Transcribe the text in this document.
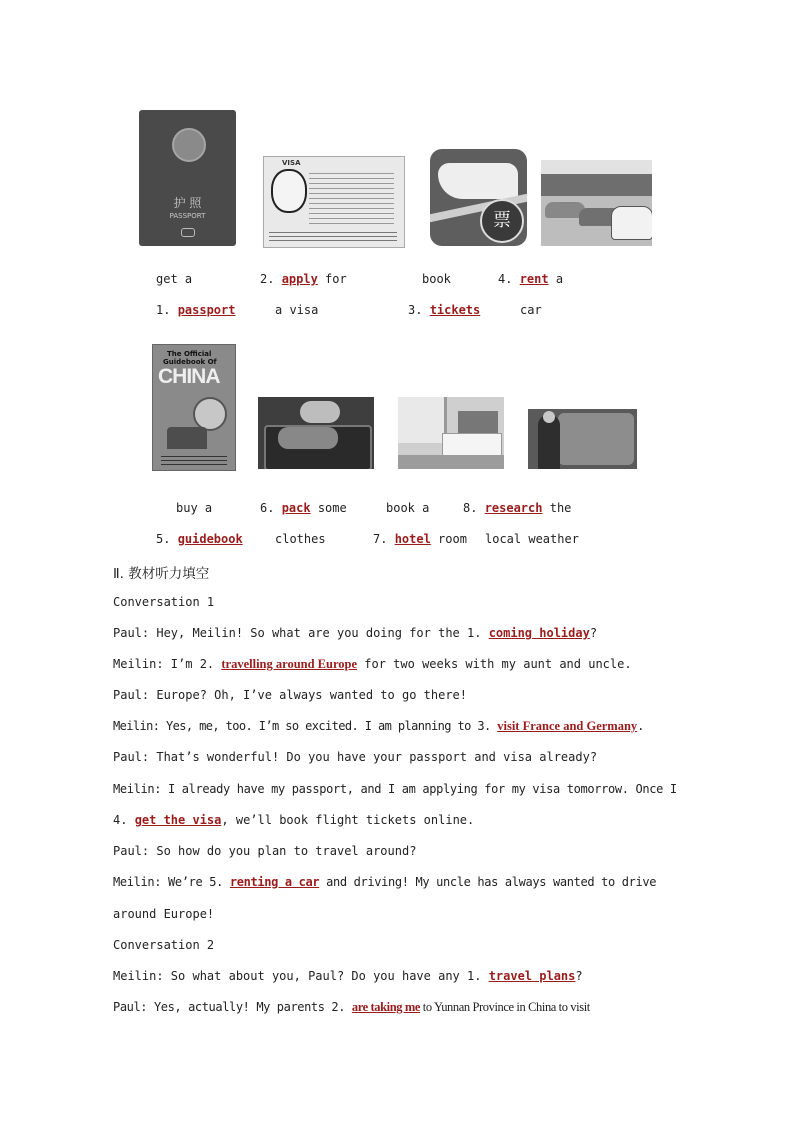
护 照
PASSPORT
VISA
票
get a
1. passport
2. apply for
a visa
book
3. tickets
4. rent a
car
The Official
Guidebook Of
CHINA
buy a
5. guidebook
6. pack some
clothes
book a
7. hotel room
8. research the
local weather
Ⅱ. 教材听力填空
Conversation 1
Paul: Hey, Meilin! So what are you doing for the 1. coming holiday?
Meilin: I’m 2. travelling around Europe for two weeks with my aunt and uncle.
Paul: Europe? Oh, I’ve always wanted to go there!
Meilin: Yes, me, too. I’m so excited. I am planning to 3. visit France and Germany.
Paul: That’s wonderful! Do you have your passport and visa already?
Meilin: I already have my passport, and I am applying for my visa tomorrow. Once I
4. get the visa, we’ll book flight tickets online.
Paul: So how do you plan to travel around?
Meilin: We’re 5. renting a car and driving! My uncle has always wanted to drive
around Europe!
Conversation 2
Meilin: So what about you, Paul? Do you have any 1. travel plans?
Paul: Yes, actually! My parents 2. are taking me to Yunnan Province in China to visit
